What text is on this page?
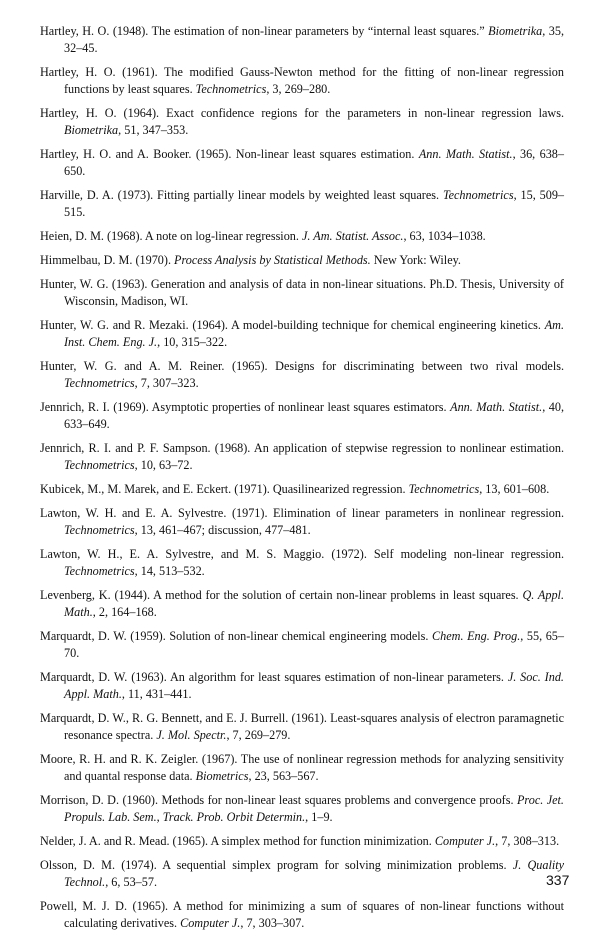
Hartley, H. O. (1948). The estimation of non-linear parameters by “internal least squares.” Biometrika, 35, 32–45.

Hartley, H. O. (1961). The modified Gauss-Newton method for the fitting of non-linear regression functions by least squares. Technometrics, 3, 269–280.

Hartley, H. O. (1964). Exact confidence regions for the parameters in non-linear regression laws. Biometrika, 51, 347–353.

Hartley, H. O. and A. Booker. (1965). Non-linear least squares estimation. Ann. Math. Statist., 36, 638–650.

Harville, D. A. (1973). Fitting partially linear models by weighted least squares. Technometrics, 15, 509–515.

Heien, D. M. (1968). A note on log-linear regression. J. Am. Statist. Assoc., 63, 1034–1038.

Himmelbau, D. M. (1970). Process Analysis by Statistical Methods. New York: Wiley.

Hunter, W. G. (1963). Generation and analysis of data in non-linear situations. Ph.D. Thesis, University of Wisconsin, Madison, WI.

Hunter, W. G. and R. Mezaki. (1964). A model-building technique for chemical engineering kinetics. Am. Inst. Chem. Eng. J., 10, 315–322.

Hunter, W. G. and A. M. Reiner. (1965). Designs for discriminating between two rival models. Technometrics, 7, 307–323.

Jennrich, R. I. (1969). Asymptotic properties of nonlinear least squares estimators. Ann. Math. Statist., 40, 633–649.

Jennrich, R. I. and P. F. Sampson. (1968). An application of stepwise regression to nonlinear estimation. Technometrics, 10, 63–72.

Kubicek, M., M. Marek, and E. Eckert. (1971). Quasilinearized regression. Technometrics, 13, 601–608.

Lawton, W. H. and E. A. Sylvestre. (1971). Elimination of linear parameters in nonlinear regression. Technometrics, 13, 461–467; discussion, 477–481.

Lawton, W. H., E. A. Sylvestre, and M. S. Maggio. (1972). Self modeling non-linear regression. Technometrics, 14, 513–532.

Levenberg, K. (1944). A method for the solution of certain non-linear problems in least squares. Q. Appl. Math., 2, 164–168.

Marquardt, D. W. (1959). Solution of non-linear chemical engineering models. Chem. Eng. Prog., 55, 65–70.

Marquardt, D. W. (1963). An algorithm for least squares estimation of non-linear parameters. J. Soc. Ind. Appl. Math., 11, 431–441.

Marquardt, D. W., R. G. Bennett, and E. J. Burrell. (1961). Least-squares analysis of electron paramagnetic resonance spectra. J. Mol. Spectr., 7, 269–279.

Moore, R. H. and R. K. Zeigler. (1967). The use of nonlinear regression methods for analyzing sensitivity and quantal response data. Biometrics, 23, 563–567.

Morrison, D. D. (1960). Methods for non-linear least squares problems and convergence proofs. Proc. Jet. Propuls. Lab. Sem., Track. Prob. Orbit Determin., 1–9.

Nelder, J. A. and R. Mead. (1965). A simplex method for function minimization. Computer J., 7, 308–313.

Olsson, D. M. (1974). A sequential simplex program for solving minimization problems. J. Quality Technol., 6, 53–57.

Powell, M. J. D. (1965). A method for minimizing a sum of squares of non-linear functions without calculating derivatives. Computer J., 7, 303–307.

337
